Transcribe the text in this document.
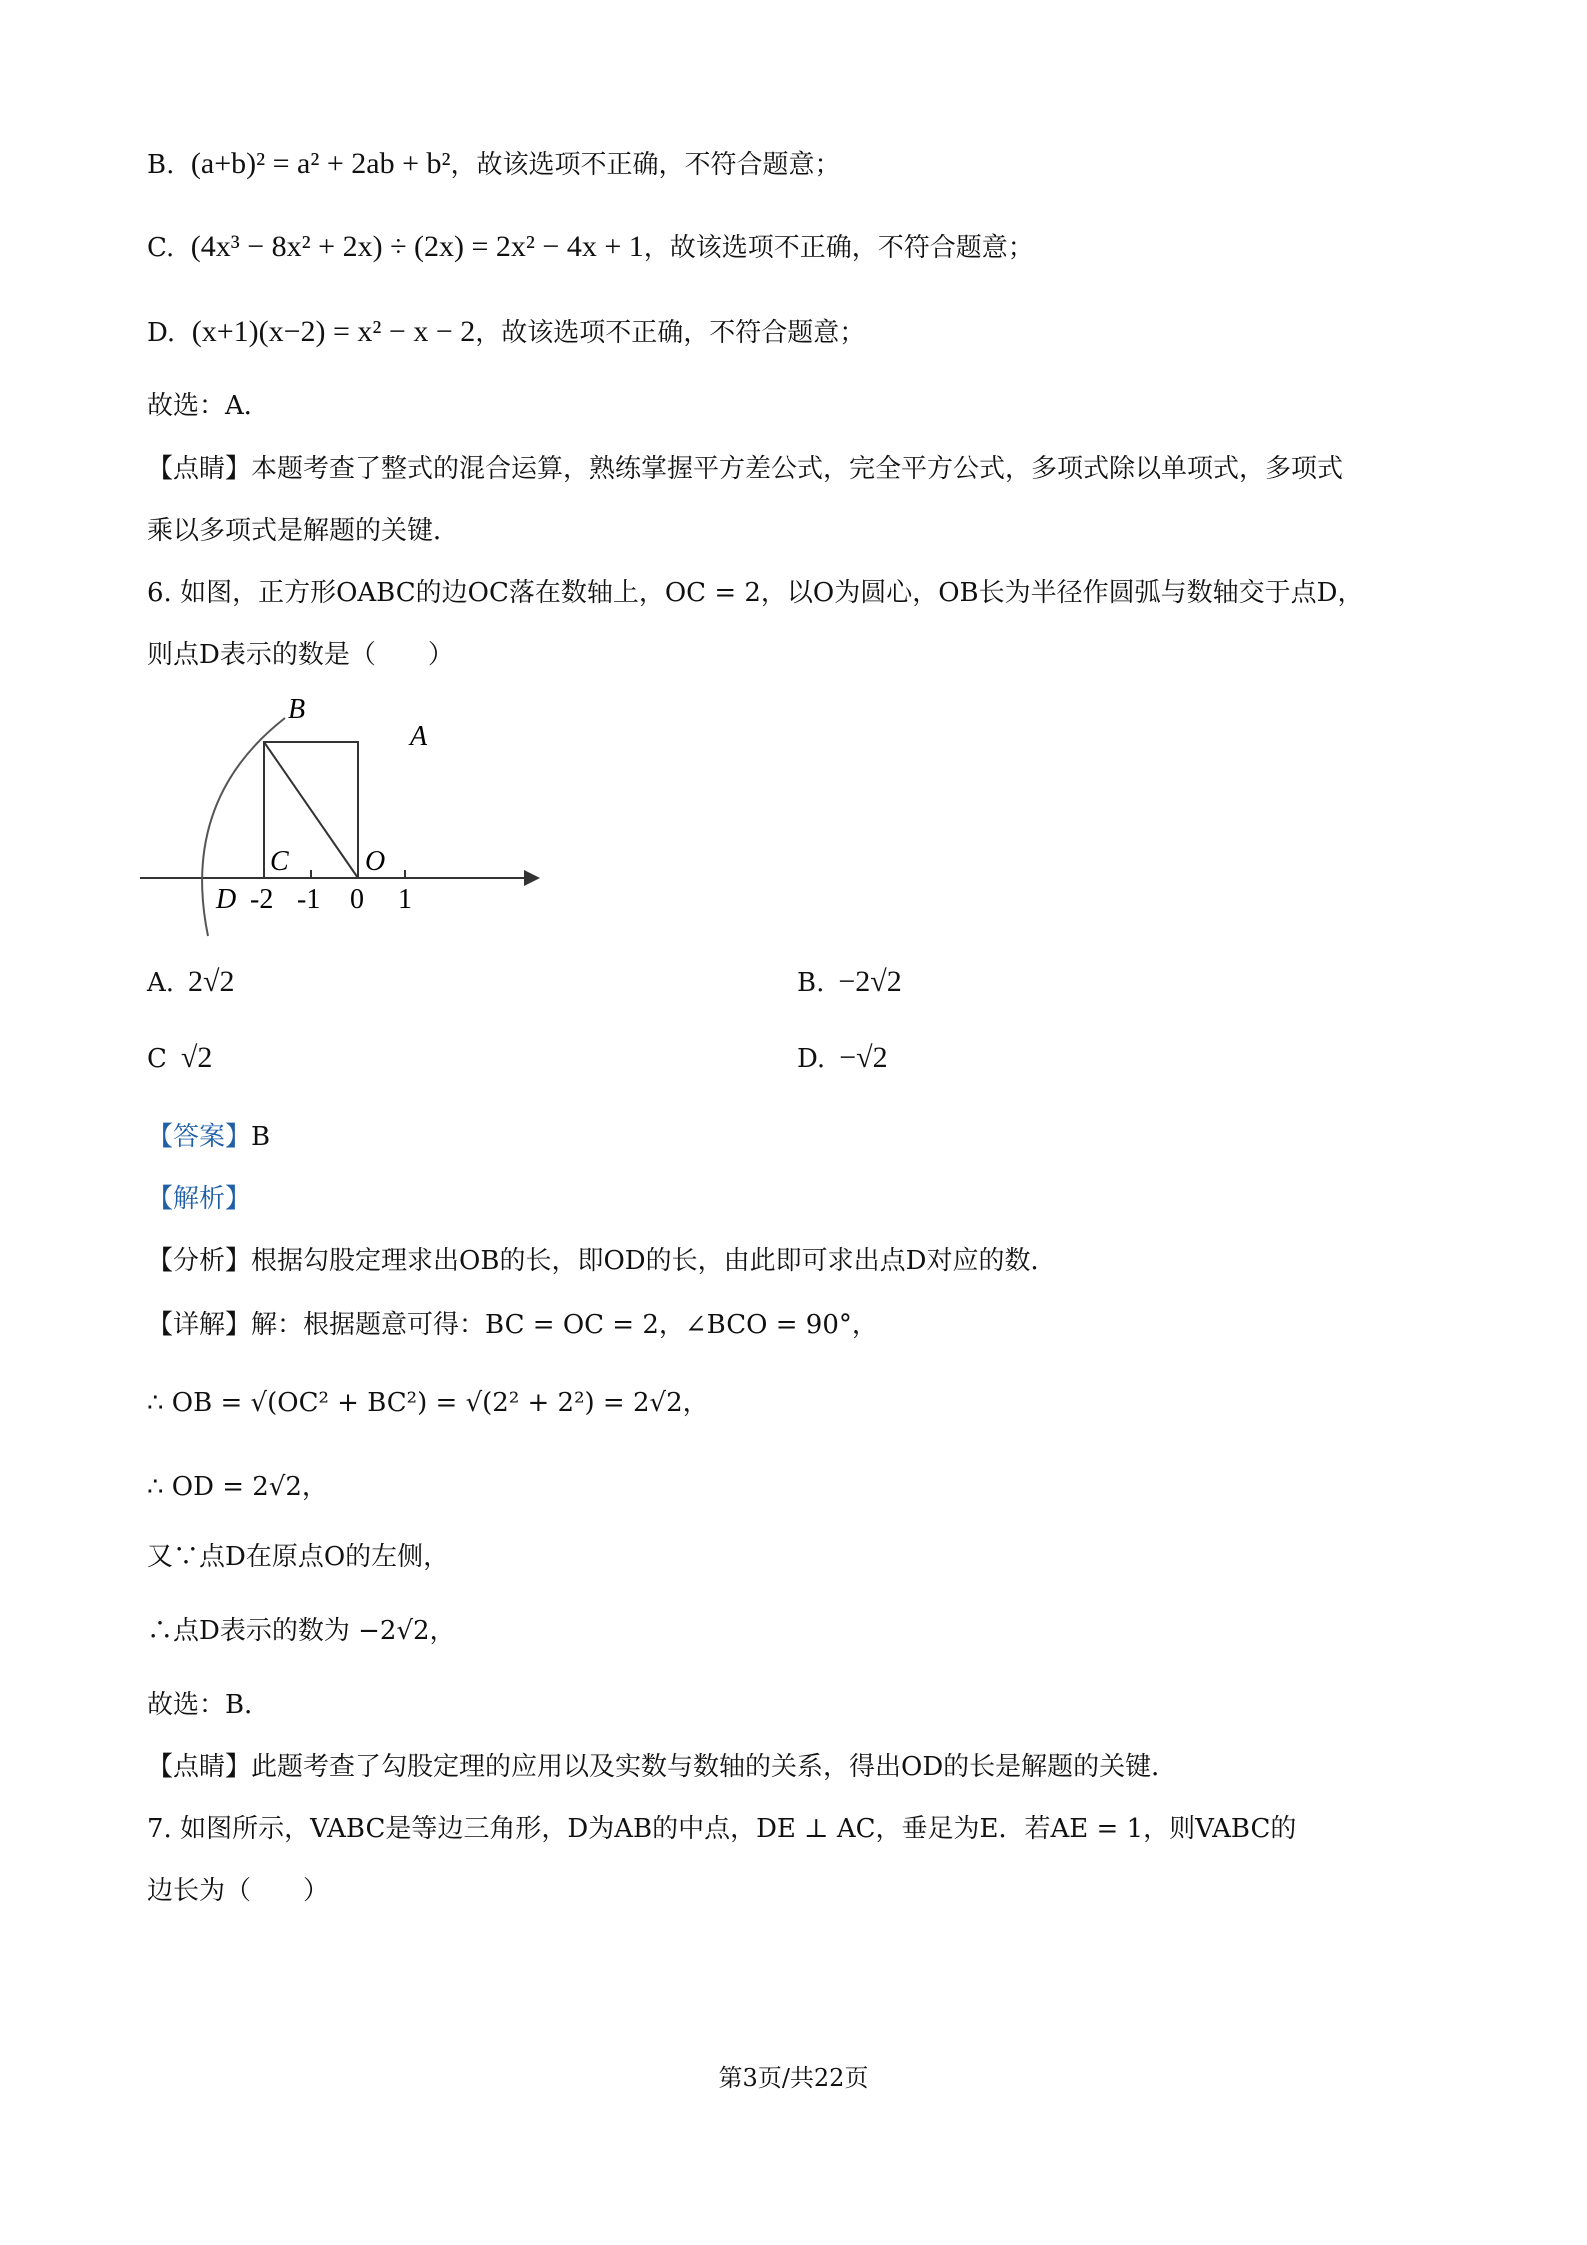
B. (a+b)² = a² + 2ab + b²，故该选项不正确，不符合题意；

C. (4x³ − 8x² + 2x) ÷ (2x) = 2x² − 4x + 1，故该选项不正确，不符合题意；

D. (x+1)(x−2) = x² − x − 2，故该选项不正确，不符合题意；

故选：A．

【点睛】本题考查了整式的混合运算，熟练掌握平方差公式，完全平方公式，多项式除以单项式，多项式

乘以多项式是解题的关键．

6. 如图，正方形OABC的边OC落在数轴上，OC = 2，以O为圆心，OB长为半径作圆弧与数轴交于点D，

则点D表示的数是（　　）

B
A
C	O
D -2 -1 0 1
A. 2√2	B. −2√2
C √2	D. −√2

【答案】B

【解析】

【分析】根据勾股定理求出OB的长，即OD的长，由此即可求出点D对应的数．

【详解】解：根据题意可得：BC = OC = 2，∠BCO = 90°，

∴ OB = √(OC² + BC²) = √(2² + 2²) = 2√2，

∴ OD = 2√2，

又∵点D在原点O的左侧，

∴点D表示的数为 −2√2，

故选：B．

【点睛】此题考查了勾股定理的应用以及实数与数轴的关系，得出OD的长是解题的关键．

7. 如图所示，VABC是等边三角形，D为AB的中点，DE ⊥ AC，垂足为E．若AE = 1，则VABC的

边长为（　　）

第3页/共22页
